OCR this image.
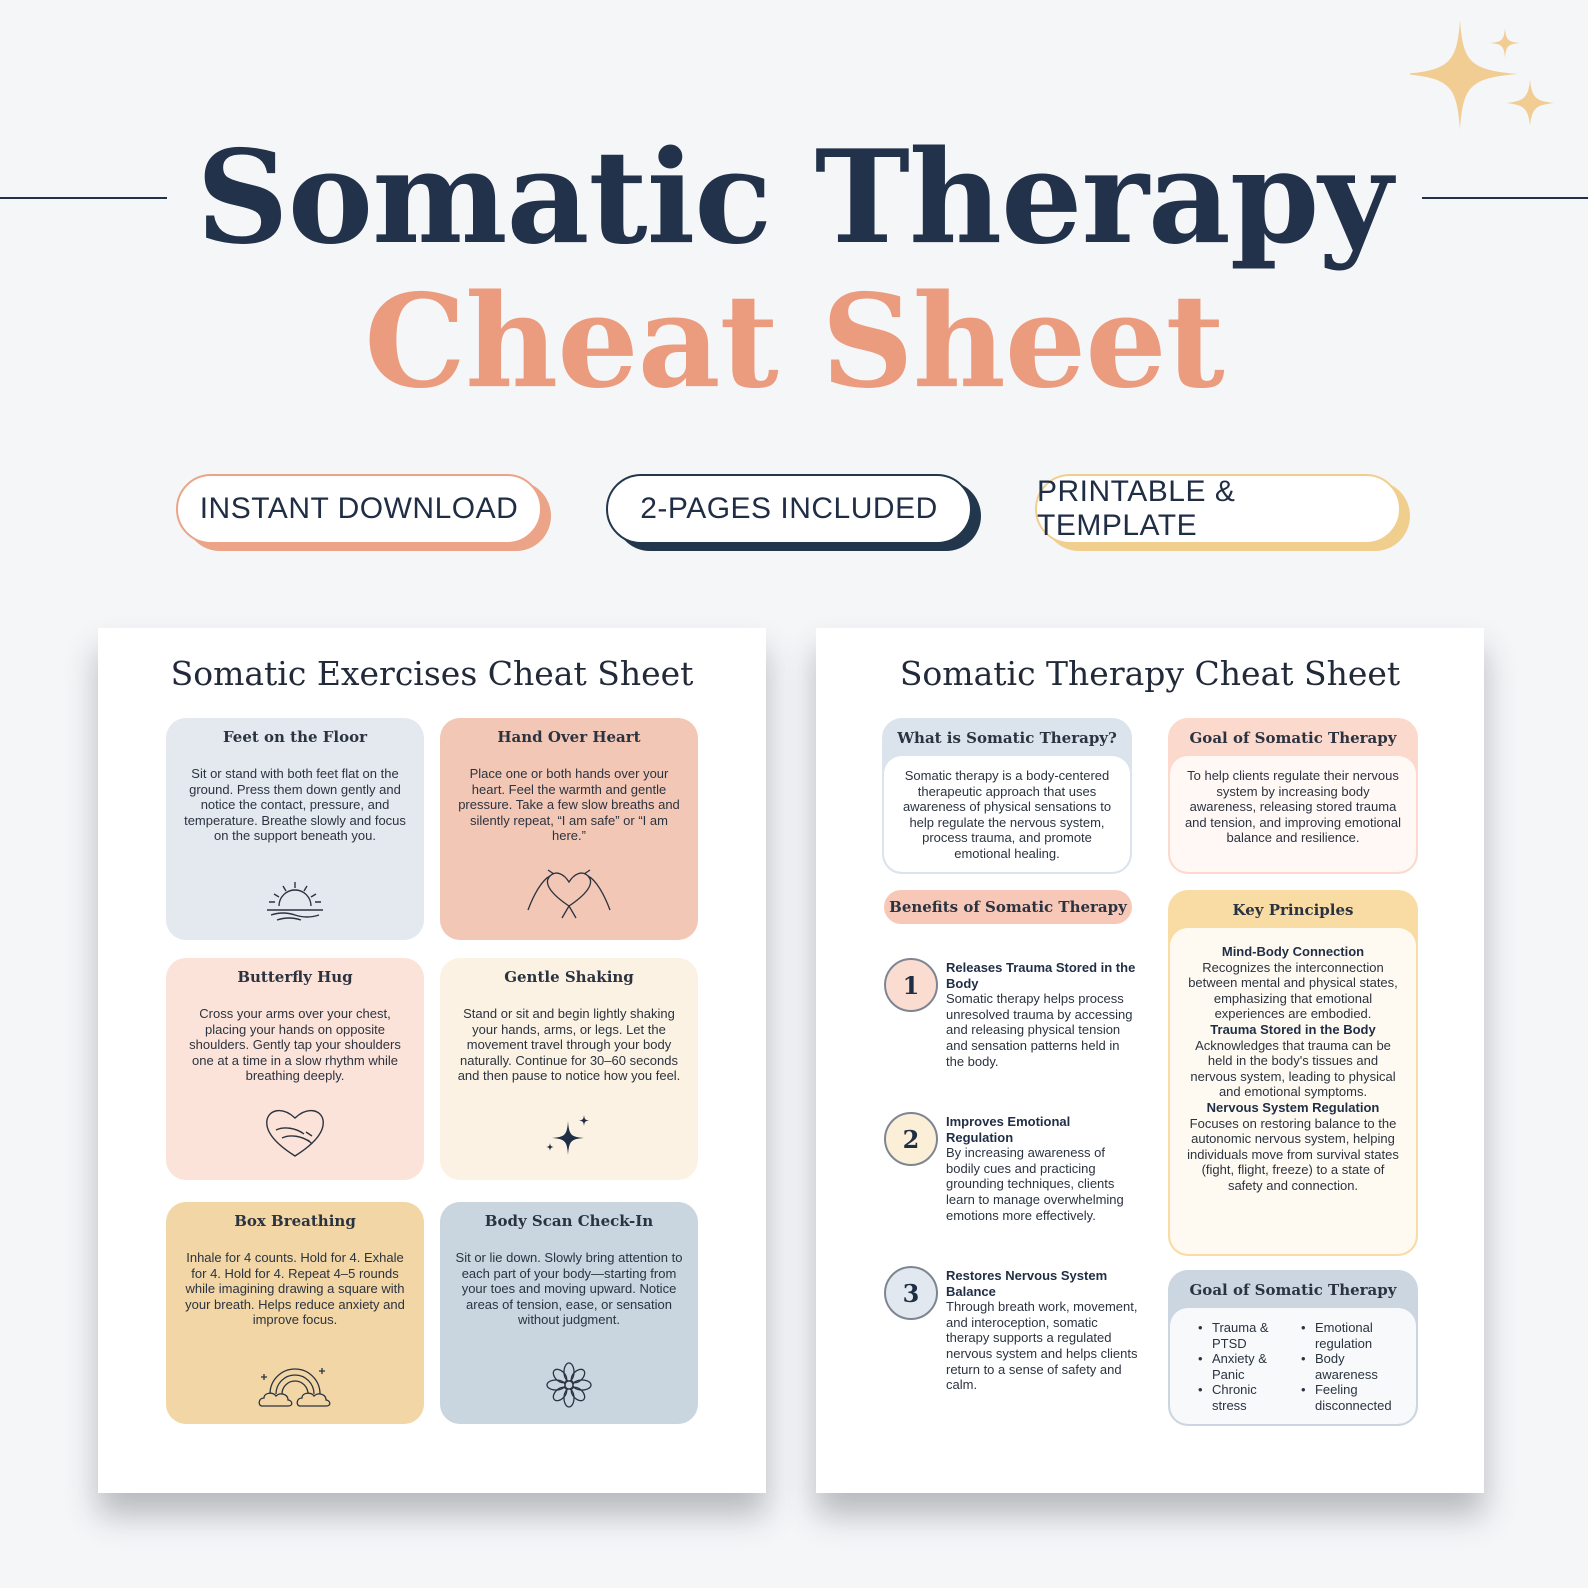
Somatic Therapy
Cheat Sheet
INSTANT DOWNLOAD	2-PAGES INCLUDED
PRINTABLE & TEMPLATE
Somatic Exercises Cheat Sheet
Feet on the Floor
Sit or stand with both feet flat on the ground. Press them down gently and notice the contact, pressure, and temperature. Breathe slowly and focus on the support beneath you.
Hand Over Heart
Place one or both hands over your heart. Feel the warmth and gentle pressure. Take a few slow breaths and silently repeat, “I am safe” or “I am here.”
Butterfly Hug
Cross your arms over your chest, placing your hands on opposite shoulders. Gently tap your shoulders one at a time in a slow rhythm while breathing deeply.
Gentle Shaking
Stand or sit and begin lightly shaking your hands, arms, or legs. Let the movement travel through your body naturally. Continue for 30–60 seconds and then pause to notice how you feel.
Box Breathing
Inhale for 4 counts. Hold for 4. Exhale for 4. Hold for 4. Repeat 4–5 rounds while imagining drawing a square with your breath. Helps reduce anxiety and improve focus.
Body Scan Check-In
Sit or lie down. Slowly bring attention to each part of your body—starting from your toes and moving upward. Notice areas of tension, ease, or sensation without judgment.
Somatic Therapy Cheat Sheet
What is Somatic Therapy?
Somatic therapy is a body-centered therapeutic approach that uses awareness of physical sensations to help regulate the nervous system, process trauma, and promote emotional healing.
Goal of Somatic Therapy
To help clients regulate their nervous system by increasing body awareness, releasing stored trauma and tension, and improving emotional balance and resilience.
Benefits of Somatic Therapy
1
Releases Trauma Stored in the Body
Somatic therapy helps process unresolved trauma by accessing and releasing physical tension and sensation patterns held in the body.
2
Improves Emotional Regulation
By increasing awareness of bodily cues and practicing grounding techniques, clients learn to manage overwhelming emotions more effectively.
3
Restores Nervous System Balance
Through breath work, movement, and interoception, somatic therapy supports a regulated nervous system and helps clients return to a sense of safety and calm.
Key Principles
Mind-Body Connection
Recognizes the interconnection between mental and physical states, emphasizing that emotional experiences are embodied.
Trauma Stored in the Body
Acknowledges that trauma can be held in the body's tissues and nervous system, leading to physical and emotional symptoms.
Nervous System Regulation
Focuses on restoring balance to the autonomic nervous system, helping individuals move from survival states (fight, flight, freeze) to a state of safety and connection.
Goal of Somatic Therapy
• Trauma & PTSD
• Anxiety & Panic
• Chronic stress
• Emotional regulation
• Body awareness
• Feeling disconnected
